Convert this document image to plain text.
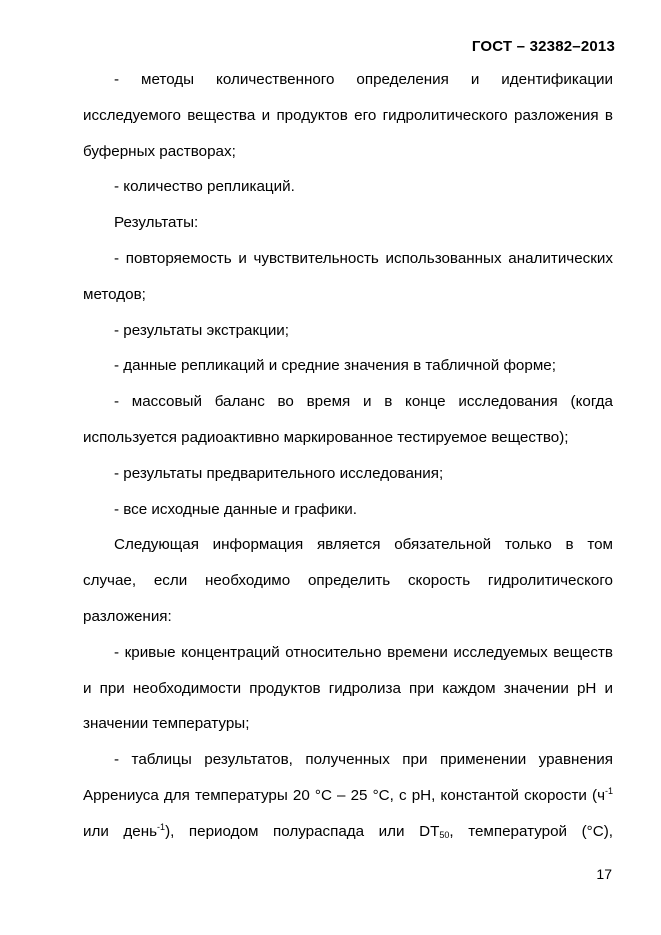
ГОСТ – 32382–2013

- методы количественного определения и идентификации исследуемого вещества и продуктов его гидролитического разложения в буферных растворах;

- количество репликаций.

Результаты:

- повторяемость и чувствительность использованных аналитических методов;

- результаты экстракции;

- данные репликаций и средние значения в табличной форме;

- массовый баланс во время и в конце исследования (когда используется радиоактивно маркированное тестируемое вещество);

- результаты предварительного исследования;

- все исходные данные и графики.

Следующая информация является обязательной только в том случае, если необходимо определить скорость гидролитического разложения:

- кривые концентраций относительно времени исследуемых веществ и при необходимости продуктов гидролиза при каждом значении рН и значении температуры;

- таблицы результатов, полученных при применении уравнения Аррениуса для температуры 20 °С – 25 °С, с рН, константой скорости ($ч^{-1}$ или день$^{-1}$), периодом полураспада или $DT_{50}$, температурой (°С),

17
